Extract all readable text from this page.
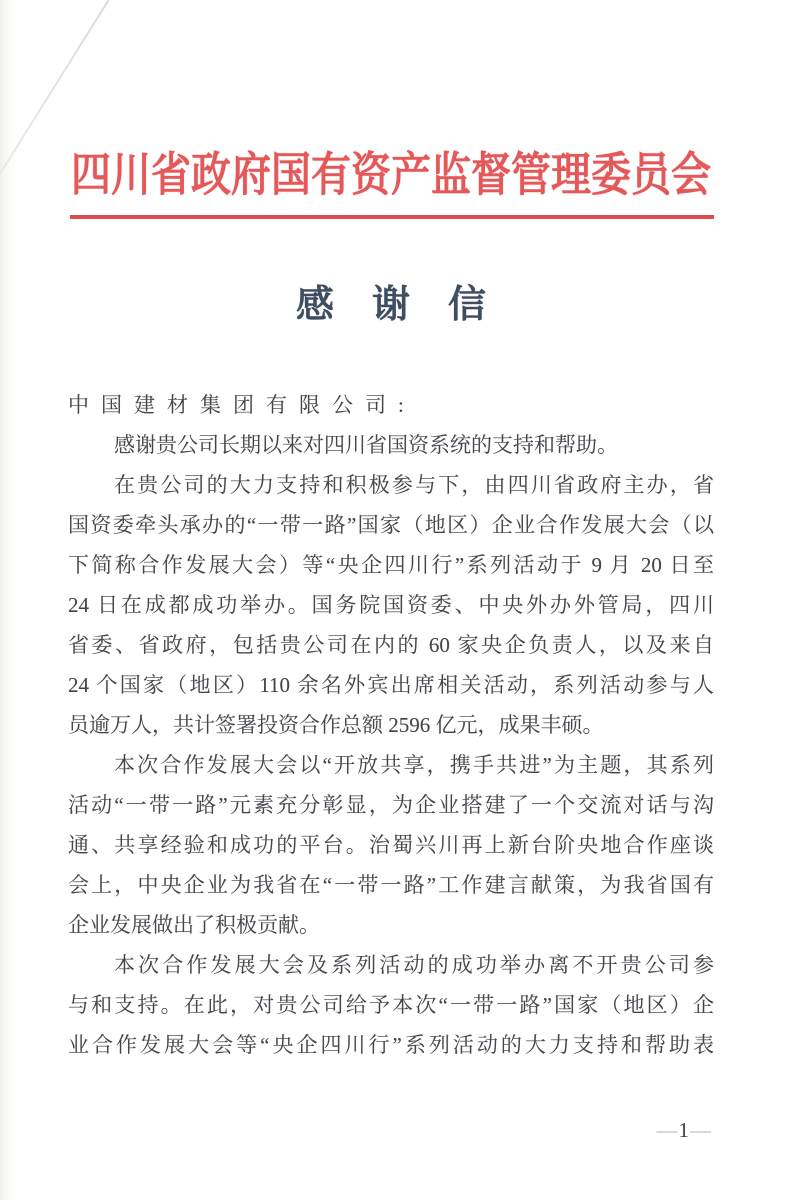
四川省政府国有资产监督管理委员会
感　谢　信
中国建材集团有限公司:
感谢贵公司长期以来对四川省国资系统的支持和帮助。
在贵公司的大力支持和积极参与下，由四川省政府主办，省
国资委牵头承办的“一带一路”国家（地区）企业合作发展大会（以
下简称合作发展大会）等“央企四川行”系列活动于 9 月 20 日至
24 日在成都成功举办。国务院国资委、中央外办外管局，四川
省委、省政府，包括贵公司在内的 60 家央企负责人，以及来自
24 个国家（地区）110 余名外宾出席相关活动，系列活动参与人
员逾万人，共计签署投资合作总额 2596 亿元，成果丰硕。
本次合作发展大会以“开放共享，携手共进”为主题，其系列
活动“一带一路”元素充分彰显，为企业搭建了一个交流对话与沟
通、共享经验和成功的平台。治蜀兴川再上新台阶央地合作座谈
会上，中央企业为我省在“一带一路”工作建言献策，为我省国有
企业发展做出了积极贡献。
本次合作发展大会及系列活动的成功举办离不开贵公司参
与和支持。在此，对贵公司给予本次“一带一路”国家（地区）企
业合作发展大会等“央企四川行”系列活动的大力支持和帮助表
—1—
